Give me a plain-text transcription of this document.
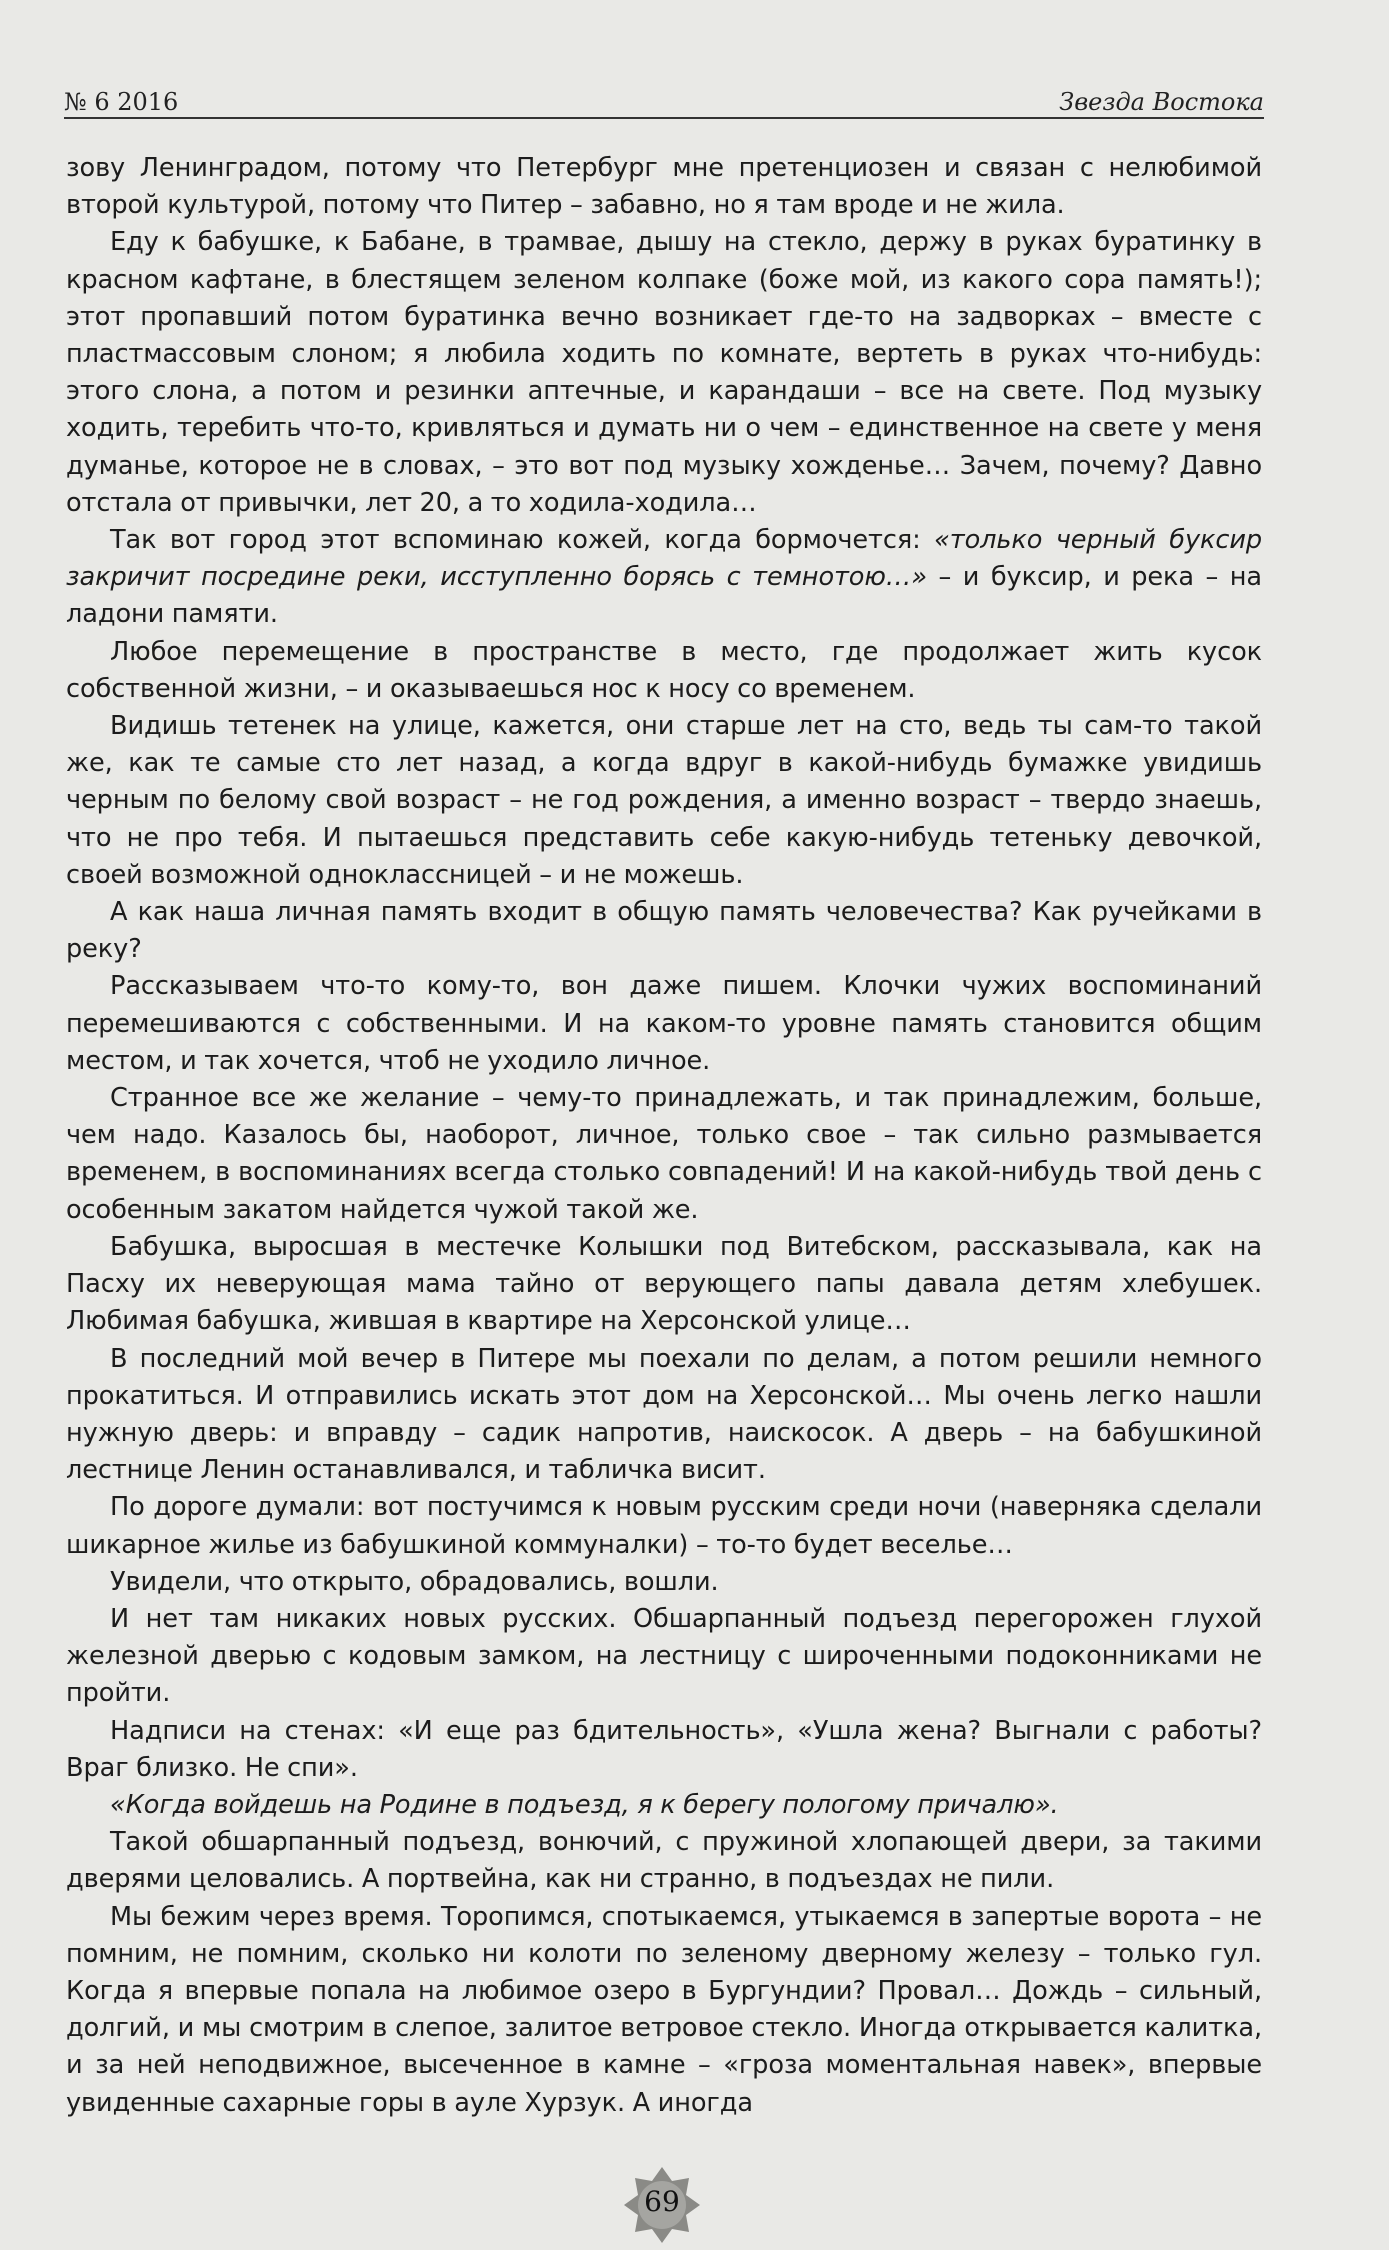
№ 6 2016	Звезда Востока

зову Ленинградом, потому что Петербург мне претенциозен и связан с нелюбимой второй культурой, потому что Питер – забавно, но я там вроде и не жила.

Еду к бабушке, к Бабане, в трамвае, дышу на стекло, держу в руках буратинку в красном кафтане, в блестящем зеленом колпаке (боже мой, из какого сора память!); этот пропавший потом буратинка вечно возникает где-то на задворках – вместе с пластмассовым слоном; я любила ходить по комнате, вертеть в руках что-нибудь: этого слона, а потом и резинки аптечные, и карандаши – все на свете. Под музыку ходить, теребить что-то, кривляться и думать ни о чем – единственное на свете у меня думанье, которое не в словах, – это вот под музыку хожденье… Зачем, почему? Давно отстала от привычки, лет 20, а то ходила-ходила…

Так вот город этот вспоминаю кожей, когда бормочется: «только черный буксир закричит посредине реки, исступленно борясь с темнотою…» – и буксир, и река – на ладони памяти.

Любое перемещение в пространстве в место, где продолжает жить кусок собственной жизни, – и оказываешься нос к носу со временем.

Видишь тетенек на улице, кажется, они старше лет на сто, ведь ты сам-то такой же, как те самые сто лет назад, а когда вдруг в какой-нибудь бумажке увидишь черным по белому свой возраст – не год рождения, а именно возраст – твердо знаешь, что не про тебя. И пытаешься представить себе какую-нибудь тетеньку девочкой, своей возможной одноклассницей – и не можешь.

А как наша личная память входит в общую память человечества? Как ручейками в реку?

Рассказываем что-то кому-то, вон даже пишем. Клочки чужих воспоминаний перемешиваются с собственными. И на каком-то уровне память становится общим местом, и так хочется, чтоб не уходило личное.

Странное все же желание – чему-то принадлежать, и так принадлежим, больше, чем надо. Казалось бы, наоборот, личное, только свое – так сильно размывается временем, в воспоминаниях всегда столько совпадений! И на какой-нибудь твой день с особенным закатом найдется чужой такой же.

Бабушка, выросшая в местечке Колышки под Витебском, рассказывала, как на Пасху их неверующая мама тайно от верующего папы давала детям хлебушек. Любимая бабушка, жившая в квартире на Херсонской улице…

В последний мой вечер в Питере мы поехали по делам, а потом решили немного прокатиться. И отправились искать этот дом на Херсонской… Мы очень легко нашли нужную дверь: и вправду – садик напротив, наискосок. А дверь – на бабушкиной лестнице Ленин останавливался, и табличка висит.

По дороге думали: вот постучимся к новым русским среди ночи (наверняка сделали шикарное жилье из бабушкиной коммуналки) – то-то будет веселье…

Увидели, что открыто, обрадовались, вошли.

И нет там никаких новых русских. Обшарпанный подъезд перегорожен глухой железной дверью с кодовым замком, на лестницу с широченными подоконниками не пройти.

Надписи на стенах: «И еще раз бдительность», «Ушла жена? Выгнали с работы? Враг близко. Не спи».

«Когда войдешь на Родине в подъезд, я к берегу пологому причалю».

Такой обшарпанный подъезд, вонючий, с пружиной хлопающей двери, за такими дверями целовались. А портвейна, как ни странно, в подъездах не пили.

Мы бежим через время. Торопимся, спотыкаемся, утыкаемся в запертые ворота – не помним, не помним, сколько ни колоти по зеленому дверному железу – только гул. Когда я впервые попала на любимое озеро в Бургундии? Провал… Дождь – сильный, долгий, и мы смотрим в слепое, залитое ветровое стекло. Иногда открывается калитка, и за ней неподвижное, высеченное в камне – «гроза моментальная навек», впервые увиденные сахарные горы в ауле Хурзук. А иногда

69
